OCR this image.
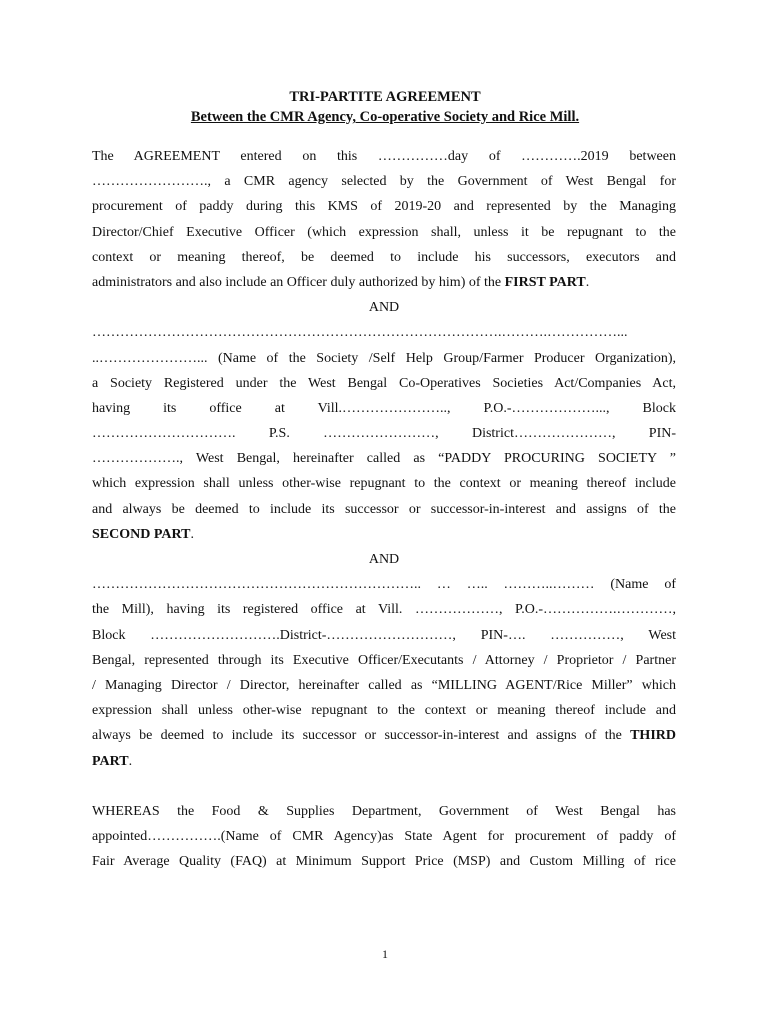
TRI-PARTITE AGREEMENT
Between the CMR Agency, Co-operative Society and Rice Mill.
The AGREEMENT entered on this ……………day of ………….2019 between
……………………., a CMR agency selected by the Government of West Bengal for
procurement of paddy during this KMS of 2019-20 and represented by the Managing
Director/Chief Executive Officer (which expression shall, unless it be repugnant to the
context or meaning thereof, be deemed to include his successors, executors and
administrators and also include an Officer duly authorized by him) of the FIRST PART.
AND
…………………………………………………………………………….……….……………...
..…………………... (Name of the Society /Self Help Group/Farmer Producer Organization),
a Society Registered under the West Bengal Co-Operatives Societies Act/Companies Act,
having its office at Vill.………………….., P.O.-………………..., Block
…………………………. P.S. ……………………, District…………………, PIN-
………………., West Bengal, hereinafter called as “PADDY PROCURING SOCIETY ”
which expression shall unless other-wise repugnant to the context or meaning thereof include
and always be deemed to include its successor or successor-in-interest and assigns of the
SECOND PART.
AND
…………………………………………………………….. … ….. ………..……… (Name of
the Mill), having its registered office at Vill. ………………, P.O.-…………….…………,
Block ……………………….District-………………………, PIN-…. ……………, West
Bengal, represented through its Executive Officer/Executants / Attorney / Proprietor / Partner
/ Managing Director / Director, hereinafter called as “MILLING AGENT/Rice Miller” which
expression shall unless other-wise repugnant to the context or meaning thereof include and
always be deemed to include its successor or successor-in-interest and assigns of the THIRD
PART.
WHEREAS the Food & Supplies Department, Government of West Bengal has
appointed…………….(Name of CMR Agency)as State Agent for procurement of paddy of
Fair Average Quality (FAQ) at Minimum Support Price (MSP) and Custom Milling of rice
1
